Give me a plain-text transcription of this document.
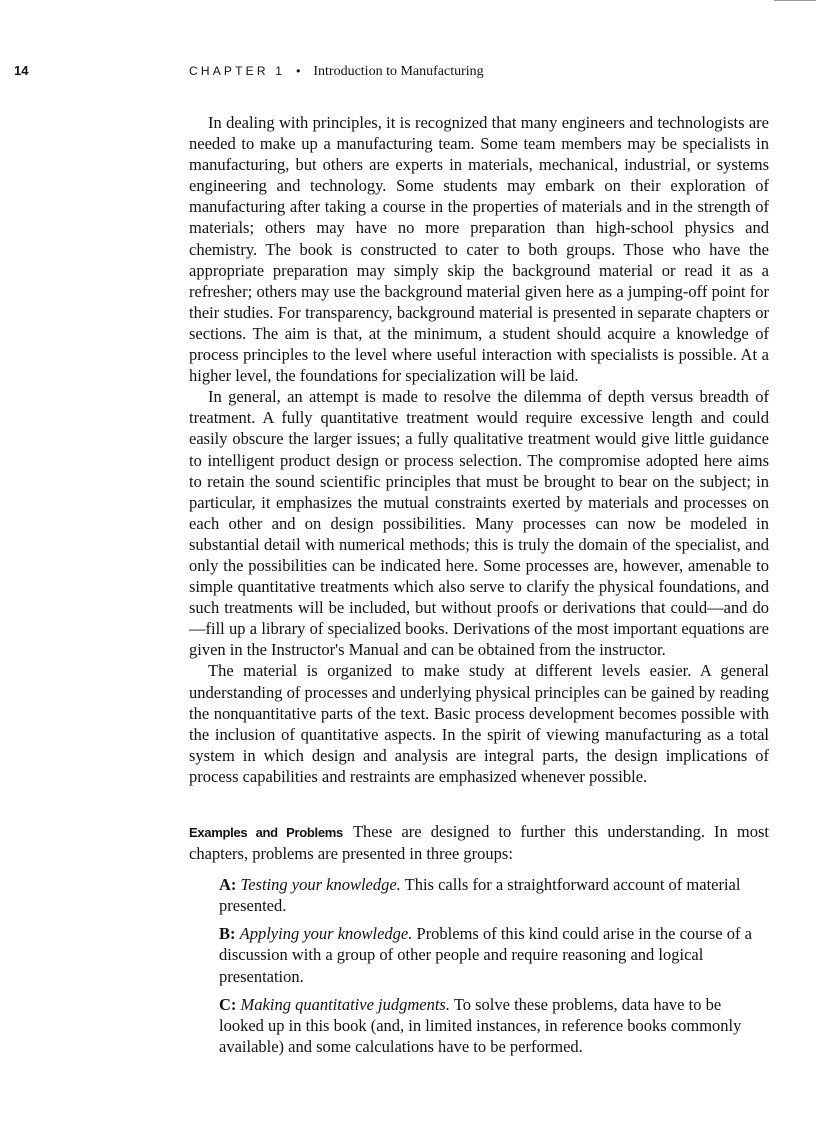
14	CHAPTER 1 • Introduction to Manufacturing

In dealing with principles, it is recognized that many engineers and technologists are needed to make up a manufacturing team. Some team members may be specialists in manufacturing, but others are experts in materials, mechanical, industrial, or systems engineering and technology. Some students may embark on their exploration of manufacturing after taking a course in the properties of materials and in the strength of materials; others may have no more preparation than high-school physics and chemistry. The book is constructed to cater to both groups. Those who have the appropriate preparation may simply skip the background material or read it as a refresher; others may use the background material given here as a jumping-off point for their studies. For transparency, background material is presented in separate chapters or sections. The aim is that, at the minimum, a student should acquire a knowledge of process principles to the level where useful interaction with specialists is possible. At a higher level, the foundations for specialization will be laid.

In general, an attempt is made to resolve the dilemma of depth versus breadth of treatment. A fully quantitative treatment would require excessive length and could easily obscure the larger issues; a fully qualitative treatment would give little guidance to intelligent product design or process selection. The compromise adopted here aims to retain the sound scientific principles that must be brought to bear on the subject; in particular, it emphasizes the mutual constraints exerted by materials and processes on each other and on design possibilities. Many processes can now be modeled in substantial detail with numerical methods; this is truly the domain of the specialist, and only the possibilities can be indicated here. Some processes are, however, amenable to simple quantitative treatments which also serve to clarify the physical foundations, and such treatments will be included, but without proofs or derivations that could—and do—fill up a library of specialized books. Derivations of the most important equations are given in the Instructor's Manual and can be obtained from the instructor.

The material is organized to make study at different levels easier. A general understanding of processes and underlying physical principles can be gained by reading the nonquantitative parts of the text. Basic process development becomes possible with the inclusion of quantitative aspects. In the spirit of viewing manufacturing as a total system in which design and analysis are integral parts, the design implications of process capabilities and restraints are emphasized whenever possible.

Examples and Problems These are designed to further this understanding. In most chapters, problems are presented in three groups:

A: Testing your knowledge. This calls for a straightforward account of material presented.
B: Applying your knowledge. Problems of this kind could arise in the course of a discussion with a group of other people and require reasoning and logical presentation.
C: Making quantitative judgments. To solve these problems, data have to be looked up in this book (and, in limited instances, in reference books commonly available) and some calculations have to be performed.
